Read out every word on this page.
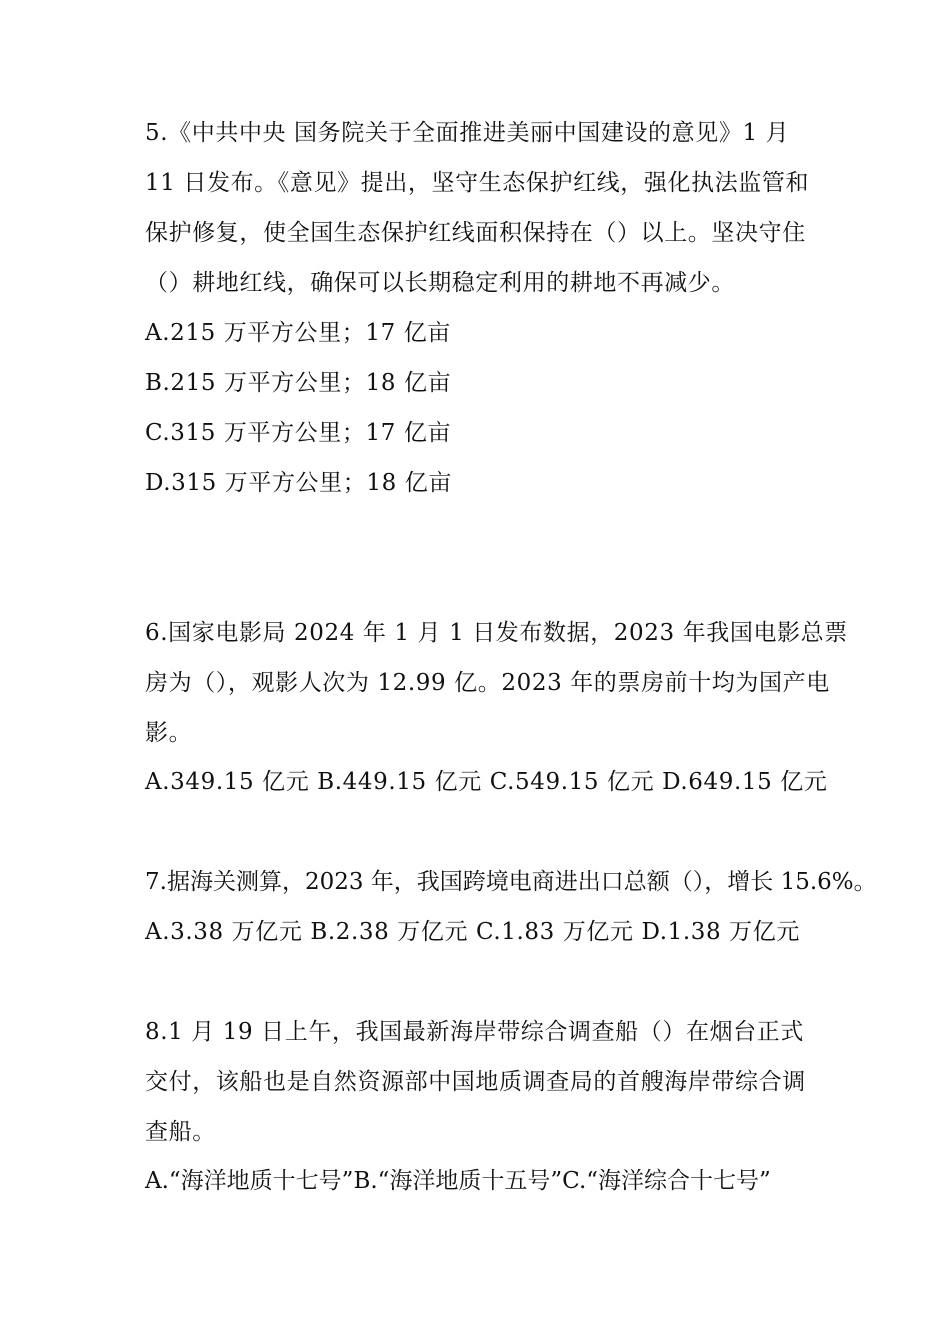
5.《中共中央 国务院关于全面推进美丽中国建设的意见》1 月
11 日发布。《意见》提出，坚守生态保护红线，强化执法监管和
保护修复，使全国生态保护红线面积保持在（）以上。坚决守住
（）耕地红线，确保可以长期稳定利用的耕地不再减少。
A.215 万平方公里；17 亿亩
B.215 万平方公里；18 亿亩
C.315 万平方公里；17 亿亩
D.315 万平方公里；18 亿亩
6.国家电影局 2024 年 1 月 1 日发布数据，2023 年我国电影总票
房为（），观影人次为 12.99 亿。2023 年的票房前十均为国产电
影。
A.349.15 亿元 B.449.15 亿元 C.549.15 亿元 D.649.15 亿元
7.据海关测算，2023 年，我国跨境电商进出口总额（），增长 15.6%。
A.3.38 万亿元 B.2.38 万亿元 C.1.83 万亿元 D.1.38 万亿元
8.1 月 19 日上午，我国最新海岸带综合调查船（）在烟台正式
交付，该船也是自然资源部中国地质调查局的首艘海岸带综合调
查船。
A.“海洋地质十七号”B.“海洋地质十五号”C.“海洋综合十七号”
